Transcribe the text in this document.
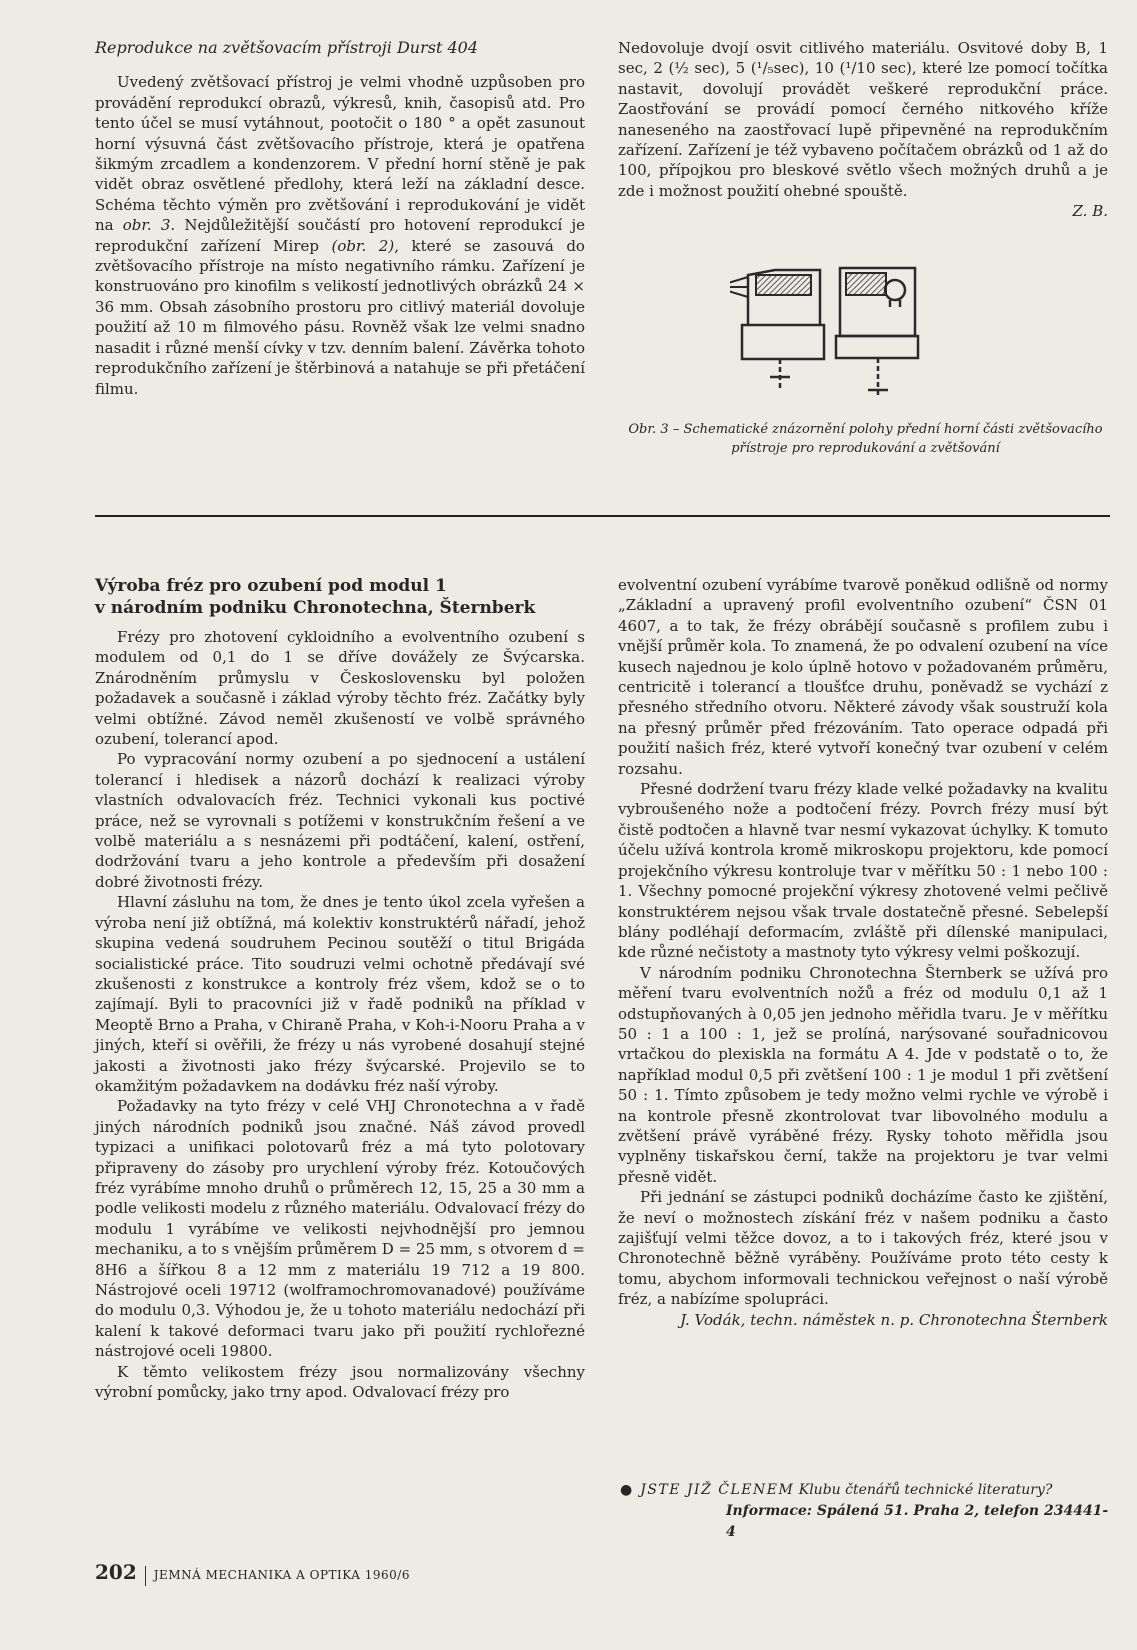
Reprodukce na zvětšovacím přístroji Durst 404

Uvedený zvětšovací přístroj je velmi vhodně uzpůsoben pro provádění reprodukcí obrazů, výkresů, knih, časopisů atd. Pro tento účel se musí vytáhnout, pootočit o 180 ° a opět zasunout horní výsuvná část zvětšovacího přístroje, která je opatřena šikmým zrcadlem a kondenzorem. V přední horní stěně je pak vidět obraz osvětlené předlohy, která leží na základní desce. Schéma těchto výměn pro zvětšování i reprodukování je vidět na obr. 3. Nejdůležitější součástí pro hotovení reprodukcí je reprodukční zařízení Mirep (obr. 2), které se zasouvá do zvětšovacího přístroje na místo negativního rámku. Zařízení je konstruováno pro kinofilm s velikostí jednotlivých obrázků 24 × 36 mm. Obsah zásobního prostoru pro citlivý materiál dovoluje použití až 10 m filmového pásu. Rovněž však lze velmi snadno nasadit i různé menší cívky v tzv. denním balení. Závěrka tohoto reprodukčního zařízení je štěrbinová a natahuje se při přetáčení filmu.

Nedovoluje dvojí osvit citlivého materiálu. Osvitové doby B, 1 sec, 2 (½ sec), 5 (¹/₅sec), 10 (¹/10 sec), které lze pomocí točítka nastavit, dovolují provádět veškeré reprodukční práce. Zaostřování se provádí pomocí černého nitkového kříže naneseného na zaostřovací lupě připevněné na reprodukčním zařízení. Zařízení je též vybaveno počítačem obrázků od 1 až do 100, přípojkou pro bleskové světlo všech možných druhů a je zde i možnost použití ohebné spouště.

Z. B.
Obr. 3 – Schematické znázornění polohy přední horní části zvětšovacího přístroje pro reprodukování a zvětšování
Výroba fréz pro ozubení pod modul 1
v národním podniku Chronotechna, Šternberk

Frézy pro zhotovení cykloidního a evolventního ozubení s modulem od 0,1 do 1 se dříve dovážely ze Švýcarska. Znárodněním průmyslu v Československu byl položen požadavek a současně i základ výroby těchto fréz. Začátky byly velmi obtížné. Závod neměl zkušeností ve volbě správného ozubení, tolerancí apod.

Po vypracování normy ozubení a po sjednocení a ustálení tolerancí i hledisek a názorů dochází k realizaci výroby vlastních odvalovacích fréz. Technici vykonali kus poctivé práce, než se vyrovnali s potížemi v konstrukčním řešení a ve volbě materiálu a s nesnázemi při podtáčení, kalení, ostření, dodržování tvaru a jeho kontrole a především při dosažení dobré životnosti frézy.

Hlavní zásluhu na tom, že dnes je tento úkol zcela vyřešen a výroba není již obtížná, má kolektiv konstruktérů nářadí, jehož skupina vedená soudruhem Pecinou soutěží o titul Brigáda socialistické práce. Tito soudruzi velmi ochotně předávají své zkušenosti z konstrukce a kontroly fréz všem, kdož se o to zajímají. Byli to pracovníci již v řadě podniků na příklad v Meoptě Brno a Praha, v Chiraně Praha, v Koh-i-Nooru Praha a v jiných, kteří si ověřili, že frézy u nás vyrobené dosahují stejné jakosti a životnosti jako frézy švýcarské. Projevilo se to okamžitým požadavkem na dodávku fréz naší výroby.

Požadavky na tyto frézy v celé VHJ Chronotechna a v řadě jiných národních podniků jsou značné. Náš závod provedl typizaci a unifikaci polotovarů fréz a má tyto polotovary připraveny do zásoby pro urychlení výroby fréz. Kotoučových fréz vyrábíme mnoho druhů o průměrech 12, 15, 25 a 30 mm a podle velikosti modelu z různého materiálu. Odvalovací frézy do modulu 1 vyrábíme ve velikosti nejvhodnější pro jemnou mechaniku, a to s vnějším průměrem D = 25 mm, s otvorem d = 8H6 a šířkou 8 a 12 mm z materiálu 19 712 a 19 800. Nástrojové oceli 19712 (wolframochromovanadové) používáme do modulu 0,3. Výhodou je, že u tohoto materiálu nedochází při kalení k takové deformaci tvaru jako při použití rychlořezné nástrojové oceli 19800.

K těmto velikostem frézy jsou normalizovány všechny výrobní pomůcky, jako trny apod. Odvalovací frézy pro

evolventní ozubení vyrábíme tvarově poněkud odlišně od normy „Základní a upravený profil evolventního ozubení“ ČSN 01 4607, a to tak, že frézy obrábějí současně s profilem zubu i vnější průměr kola. To znamená, že po odvalení ozubení na více kusech najednou je kolo úplně hotovo v požadovaném průměru, centricitě i tolerancí a tloušťce druhu, poněvadž se vychází z přesného středního otvoru. Některé závody však soustruží kola na přesný průměr před frézováním. Tato operace odpadá při použití našich fréz, které vytvoří konečný tvar ozubení v celém rozsahu.

Přesné dodržení tvaru frézy klade velké požadavky na kvalitu vybroušeného nože a podtočení frézy. Povrch frézy musí být čistě podtočen a hlavně tvar nesmí vykazovat úchylky. K tomuto účelu užívá kontrola kromě mikroskopu projektoru, kde pomocí projekčního výkresu kontroluje tvar v měřítku 50 : 1 nebo 100 : 1. Všechny pomocné projekční výkresy zhotovené velmi pečlivě konstruktérem nejsou však trvale dostatečně přesné. Sebelepší blány podléhají deformacím, zvláště při dílenské manipulaci, kde různé nečistoty a mastnoty tyto výkresy velmi poškozují.

V národním podniku Chronotechna Šternberk se užívá pro měření tvaru evolventních nožů a fréz od modulu 0,1 až 1 odstupňovaných à 0,05 jen jednoho měřidla tvaru. Je v měřítku 50 : 1 a 100 : 1, jež se prolíná, narýsované souřadnicovou vrtačkou do plexiskla na formátu A 4. Jde v podstatě o to, že například modul 0,5 při zvětšení 100 : 1 je modul 1 při zvětšení 50 : 1. Tímto způsobem je tedy možno velmi rychle ve výrobě i na kontrole přesně zkontrolovat tvar libovolného modulu a zvětšení právě vyráběné frézy. Rysky tohoto měřidla jsou vyplněny tiskařskou černí, takže na projektoru je tvar velmi přesně vidět.

Při jednání se zástupci podniků docházíme často ke zjištění, že neví o možnostech získání fréz v našem podniku a často zajišťují velmi těžce dovoz, a to i takových fréz, které jsou v Chronotechně běžně vyráběny. Používáme proto této cesty k tomu, abychom informovali technickou veřejnost o naší výrobě fréz, a nabízíme spolupráci.

J. Vodák, techn. náměstek n. p. Chronotechna Šternberk
● JSTE JIŽ ČLENEM Klubu čtenářů technické literatury?
Informace: Spálená 51. Praha 2, telefon 234441-4
202 JEMNÁ MECHANIKA A OPTIKA 1960/6
